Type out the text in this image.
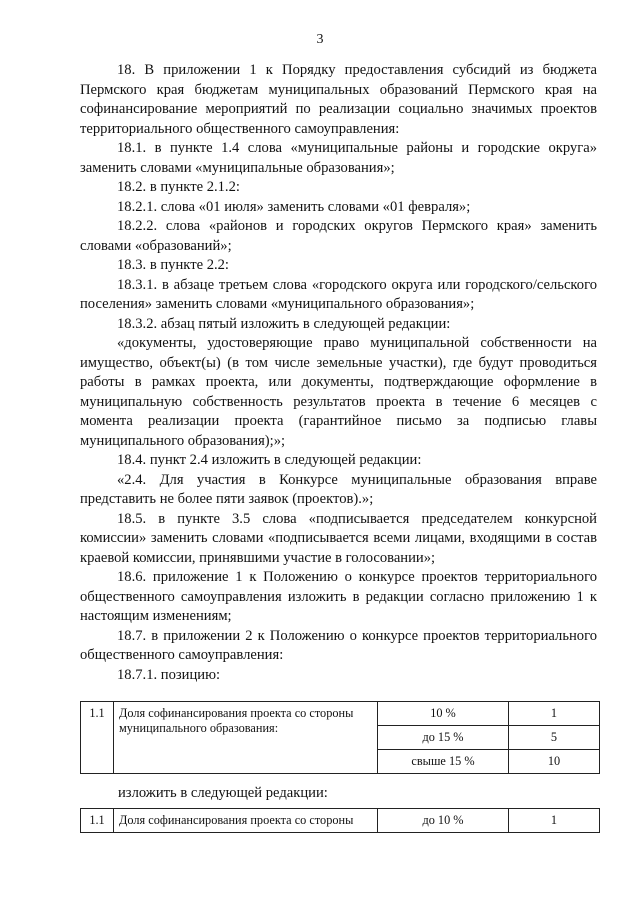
3

18. В приложении 1 к Порядку предоставления субсидий из бюджета Пермского края бюджетам муниципальных образований Пермского края на софинансирование мероприятий по реализации социально значимых проектов территориального общественного самоуправления:

18.1. в пункте 1.4 слова «муниципальные районы и городские округа» заменить словами «муниципальные образования»;

18.2. в пункте 2.1.2:

18.2.1. слова «01 июля» заменить словами «01 февраля»;

18.2.2. слова «районов и городских округов Пермского края» заменить словами «образований»;

18.3. в пункте 2.2:

18.3.1. в абзаце третьем слова «городского округа или городского/сельского поселения» заменить словами «муниципального образования»;

18.3.2. абзац пятый изложить в следующей редакции:

«документы, удостоверяющие право муниципальной собственности на имущество, объект(ы) (в том числе земельные участки), где будут проводиться работы в рамках проекта, или документы, подтверждающие оформление в муниципальную собственность результатов проекта в течение 6 месяцев с момента реализации проекта (гарантийное письмо за подписью главы муниципального образования);»;

18.4. пункт 2.4 изложить в следующей редакции:

«2.4. Для участия в Конкурсе муниципальные образования вправе представить не более пяти заявок (проектов).»;

18.5. в пункте 3.5 слова «подписывается председателем конкурсной комиссии» заменить словами «подписывается всеми лицами, входящими в состав краевой комиссии, принявшими участие в голосовании»;

18.6. приложение 1 к Положению о конкурсе проектов территориального общественного самоуправления изложить в редакции согласно приложению 1 к настоящим изменениям;

18.7. в приложении 2 к Положению о конкурсе проектов территориального общественного самоуправления:

18.7.1. позицию:

1.1	Доля софинансирования проекта со стороны муниципального образования:	10 %	1
		до 15 %	5
		свыше 15 %	10
изложить в следующей редакции:
1.1	Доля софинансирования проекта со стороны	до 10 %	1
